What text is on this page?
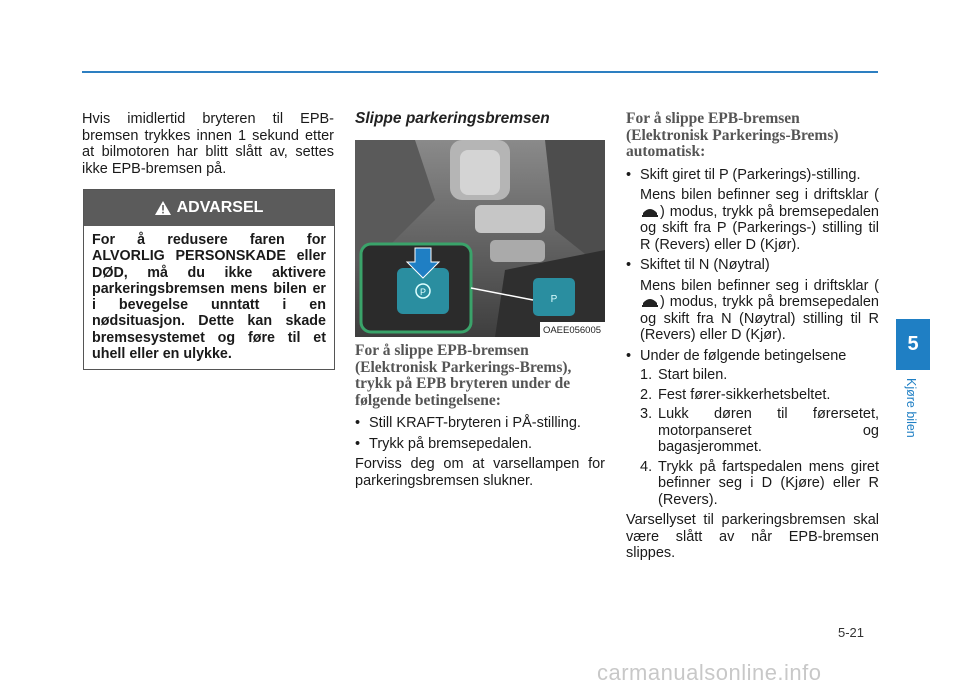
Hvis imidlertid bryteren til EPB-bremsen trykkes innen 1 sekund etter at bilmotoren har blitt slått av, settes ikke EPB-bremsen på.

ADVARSEL
For å redusere faren for ALVORLIG PERSONSKADE eller DØD, må du ikke aktivere parkeringsbremsen mens bilen er i bevegelse unntatt i en nødsituasjon. Dette kan skade bremsesystemet og føre til et uhell eller en ulykke.
Slippe parkeringsbremsen
P
P
OAEE056005
For å slippe EPB-bremsen (Elektronisk Parkerings-Brems), trykk på EPB bryteren under de følgende betingelsene:
• Still KRAFT-bryteren i PÅ-stilling.
• Trykk på bremsepedalen.

Forviss deg om at varsellampen for parkeringsbremsen slukner.

For å slippe EPB-bremsen (Elektronisk Parkerings-Brems) automatisk:
• Skift giret til P (Parkerings)-stilling.

Mens bilen befinner seg i driftsklar () modus, trykk på bremsepedalen og skift fra P (Parkerings-) stilling til R (Revers) eller D (Kjør).

• Skiftet til N (Nøytral)

Mens bilen befinner seg i driftsklar () modus, trykk på bremsepedalen og skift fra N (Nøytral) stilling til R (Revers) eller D (Kjør).

• Under de følgende betingelsene
1. Start bilen.
2. Fest fører-sikkerhetsbeltet.
3. Lukk døren til førersetet, motorpanseret og bagasjerommet.
4. Trykk på fartspedalen mens giret befinner seg i D (Kjøre) eller R (Revers).

Varsellyset til parkeringsbremsen skal være slått av når EPB-bremsen slippes.

5
Kjøre bilen
5-21
carmanualsonline.info
